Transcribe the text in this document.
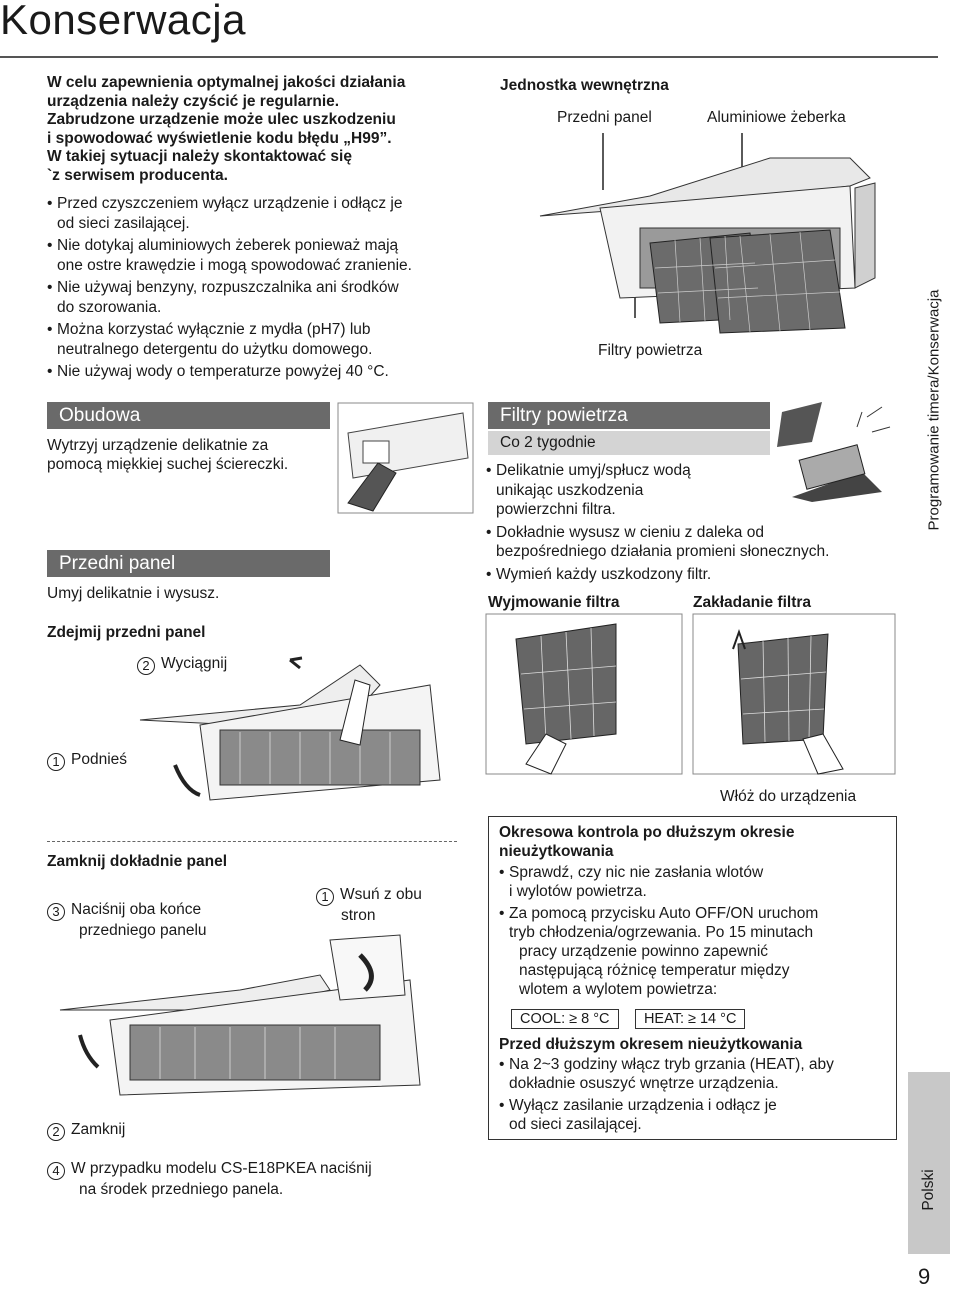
Konserwacja
Programowanie timera/Konserwacja
Polski
9
W celu zapewnienia optymalnej jakości działania
urządzenia należy czyścić je regularnie.
Zabrudzone urządzenie może ulec uszkodzeniu
i spowodować wyświetlenie kodu błędu „H99”.
W takiej sytuacji należy skontaktować się
`z serwisem producenta.
• Przed czyszczeniem wyłącz urządzenie i odłącz je
od sieci zasilającej.
• Nie dotykaj aluminiowych żeberek ponieważ mają
one ostre krawędzie i mogą spowodować zranienie.
• Nie używaj benzyny, rozpuszczalnika ani środków
do szorowania.
• Można korzystać wyłącznie z mydła (pH7) lub
neutralnego detergentu do użytku domowego.
• Nie używaj wody o temperaturze powyżej 40 °C.
Jednostka wewnętrzna
Przedni panel	Aluminiowe żeberka
Filtry powietrza
Obudowa
Wytrzyj urządzenie delikatnie za
pomocą miękkiej suchej ściereczki.
Filtry powietrza
Co 2 tygodnie
• Delikatnie umyj/spłucz wodą
unikając uszkodzenia
powierzchni filtra.
• Dokładnie wysusz w cieniu z daleka od
bezpośredniego działania promieni słonecznych.
• Wymień każdy uszkodzony filtr.
Wyjmowanie filtra	Zakładanie filtra
Włóż do urządzenia
Przedni panel
Umyj delikatnie i wysusz.
Zdejmij przedni panel
2 Wyciągnij
1 Podnieś
Zamknij dokładnie panel
1 Wsuń z obu
stron
3 Naciśnij oba końce
przedniego panelu
2 Zamknij
4 W przypadku modelu CS-E18PKEA naciśnij
na środek przedniego panela.
Okresowa kontrola po dłuższym okresie
nieużytkowania
• Sprawdź, czy nic nie zasłania wlotów
i wylotów powietrza.
• Za pomocą przycisku Auto OFF/ON uruchom
tryb chłodzenia/ogrzewania. Po 15 minutach
pracy urządzenie powinno zapewnić
następującą różnicę temperatur między
wlotem a wylotem powietrza:
COOL: ≥ 8 °C HEAT: ≥ 14 °C
Przed dłuższym okresem nieużytkowania
• Na 2~3 godziny włącz tryb grzania (HEAT), aby
dokładnie osuszyć wnętrze urządzenia.
• Wyłącz zasilanie urządzenia i odłącz je
od sieci zasilającej.
